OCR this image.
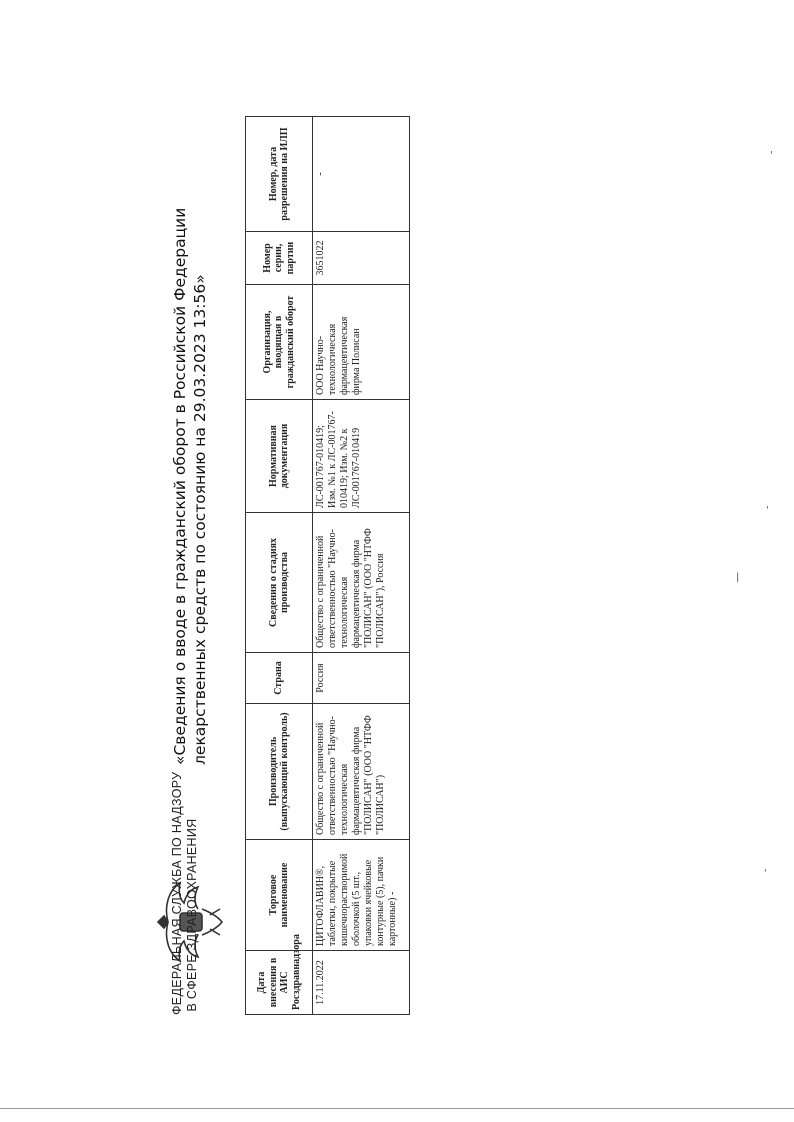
ФЕДЕРАЛЬНАЯ СЛУЖБА ПО НАДЗОРУ В СФЕРЕ ЗДРАВООХРАНЕНИЯ
«Сведения о вводе в гражданский оборот в Российской Федерации лекарственных средств по состоянию на 29.03.2023 13:56»
Дата внесения в АИС Росздравнадзора	Торговое наименование	Производитель (выпускающий контроль)	Страна	Сведения о стадиях производства	Нормативная документация	Организация, вводящая в гражданский оборот	Номер серии, партии	Номер, дата разрешения на ИЛП
17.11.2022	ЦИТОФЛАВИН®, таблетки, покрытые кишечнорастворимой оболочкой (5 шт., упаковки ячейковые контурные (5), пачки картонные) -	Общество с ограниченной ответственностью "Научно-технологическая фармацевтическая фирма "ПОЛИСАН" (ООО "НТФФ "ПОЛИСАН")	Россия	Общество с ограниченной ответственностью "Научно-технологическая фармацевтическая фирма "ПОЛИСАН" (ООО "НТФФ "ПОЛИСАН"), Россия	ЛС-001767-010419; Изм. №1 к ЛС-001767-010419; Изм. №2 к ЛС-001767-010419	ООО Научно-технологическая фармацевтическая фирма Полисан	3651022	-
'
'
|
'
